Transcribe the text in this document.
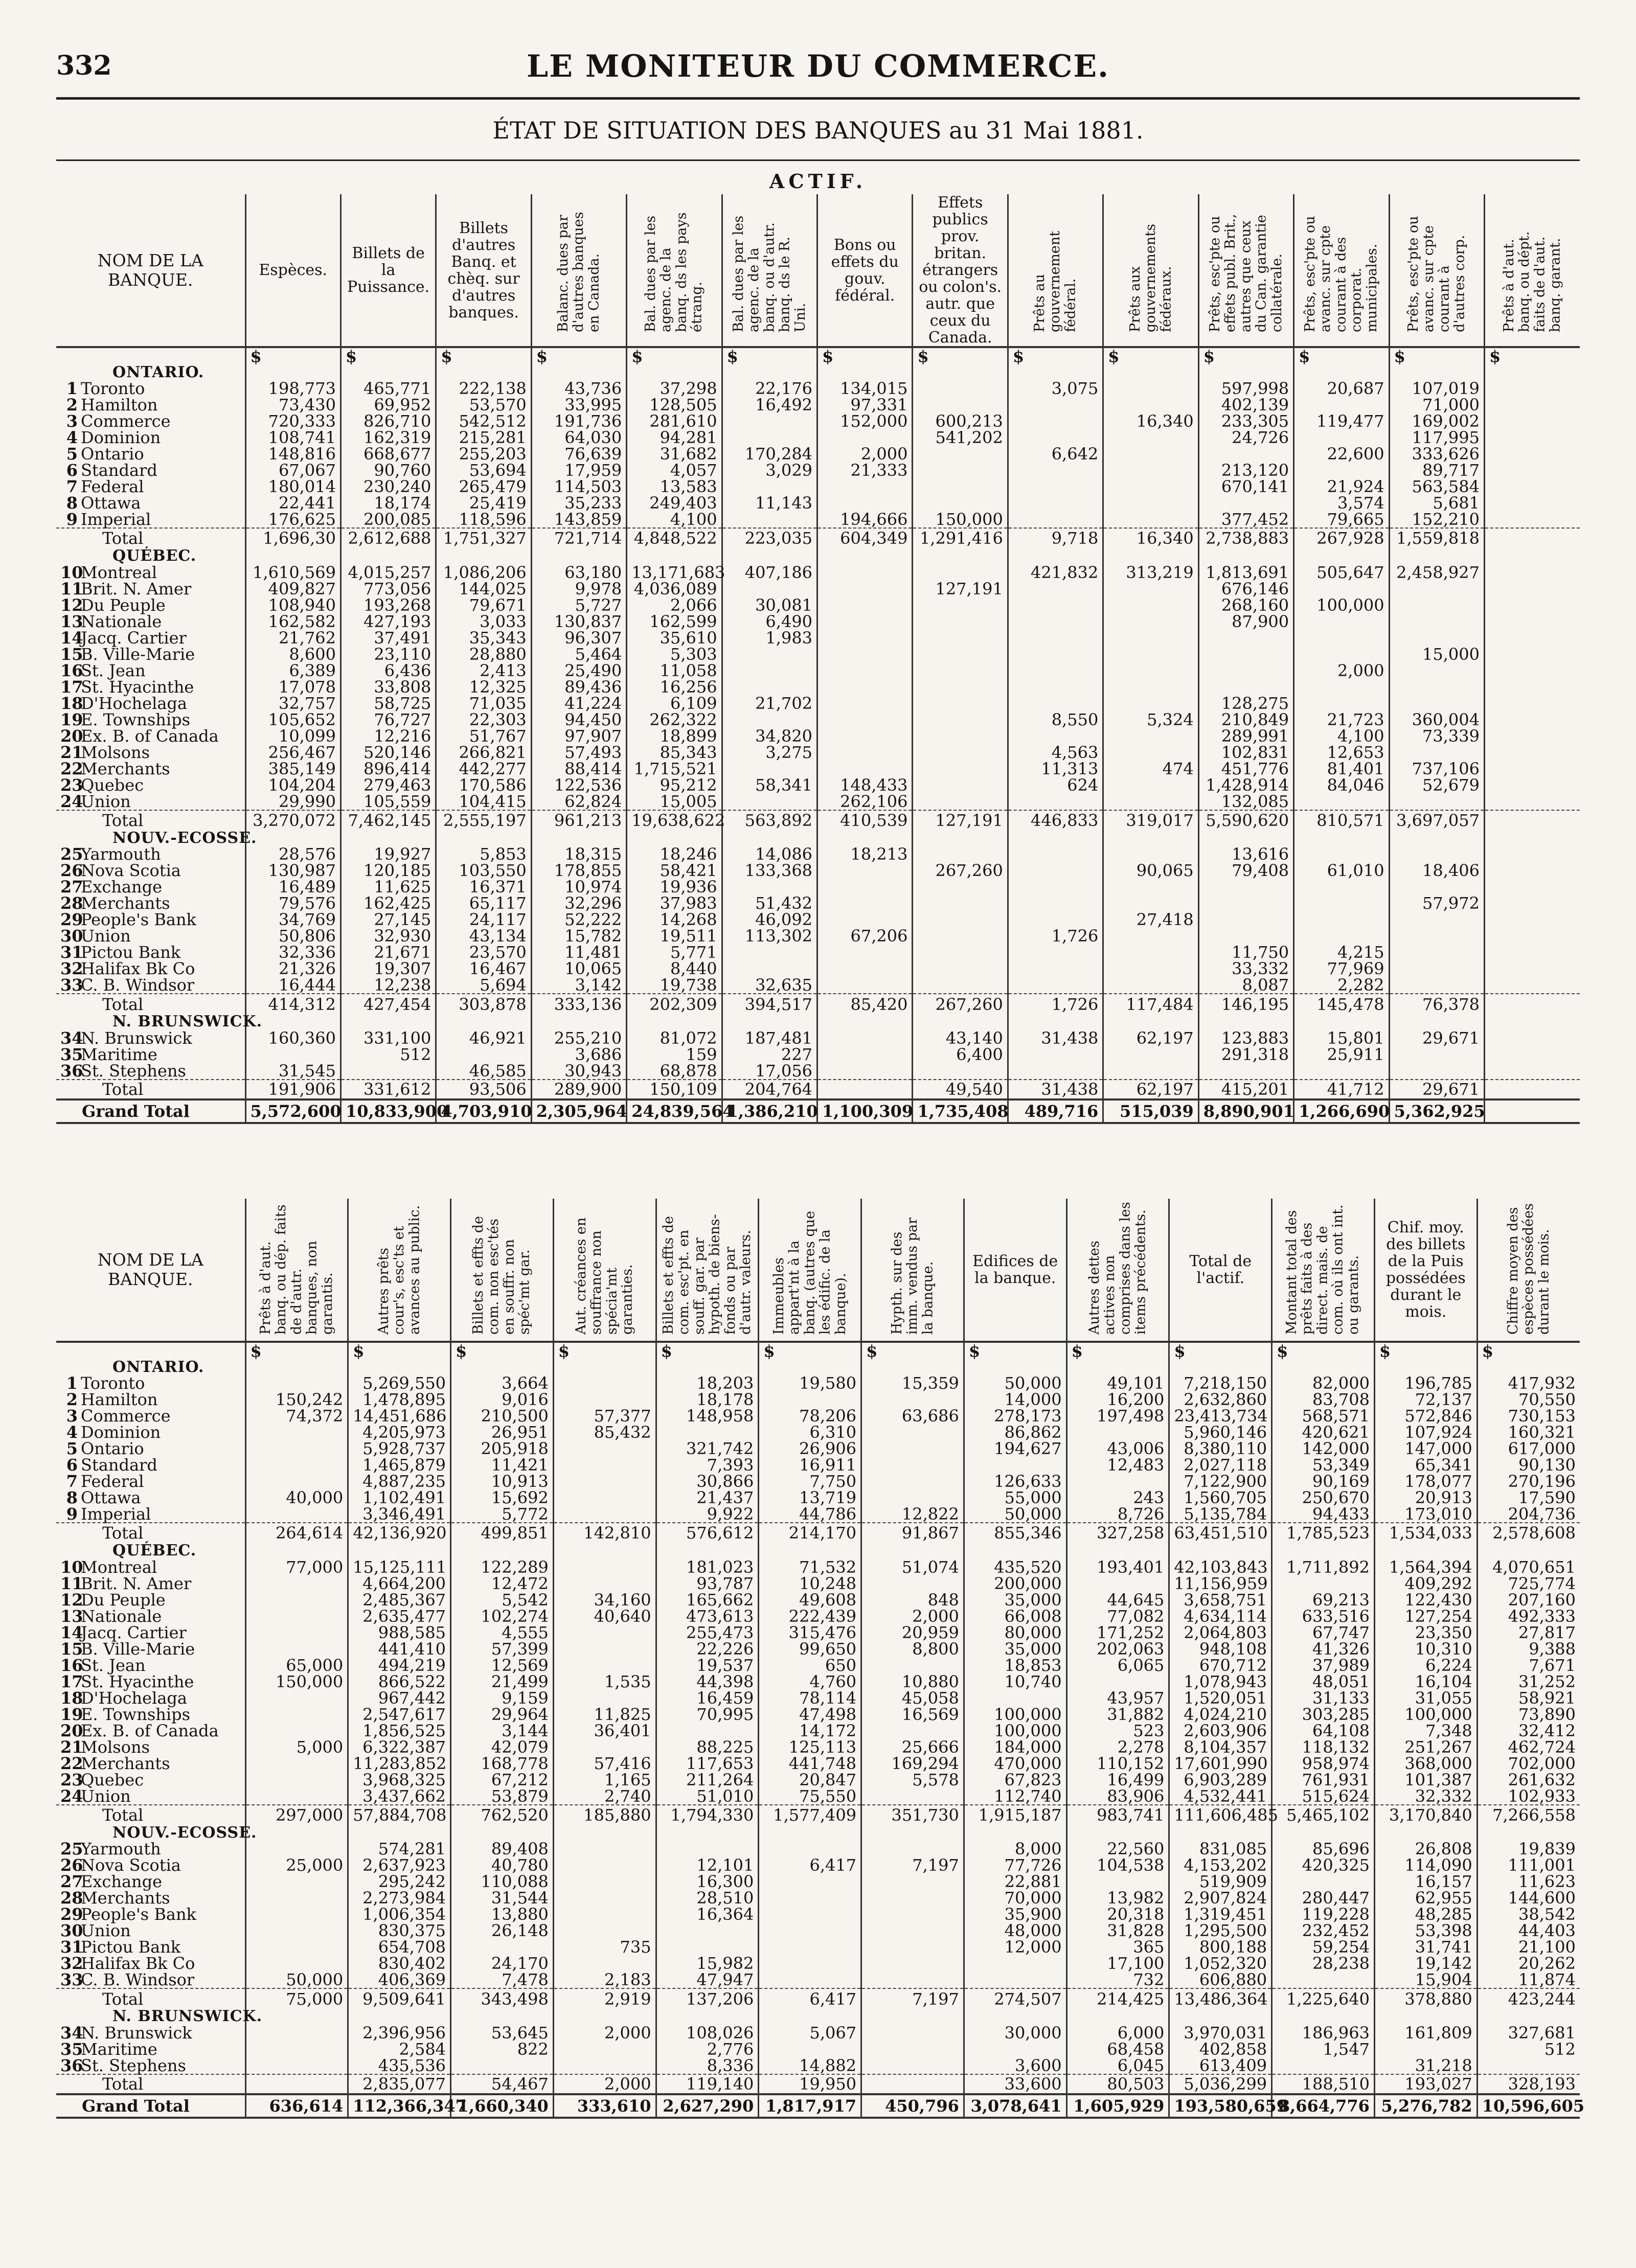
332	LE MONITEUR DU COMMERCE.
ÉTAT DE SITUATION DES BANQUES au 31 Mai 1881.
ACTIF.
NOM DE LA BANQUE.	Espèces.	Billets de la Puissance.	Billets d'autres Banq. et chèq. sur d'autres banques.	Balanc. dues par d'autres banques en Canada.	Bal. dues par les agenc. de la banq. ds les pays étrang.	Bal. dues par les agenc. de la banq. ou d'autr. banq. ds le R. Uni.	Bons ou effets du gouv. fédéral.	Effets publics prov. britan. étrangers ou colon's. autr. que ceux du Canada.	Prêts au gouvernement fédéral.	Prêts aux gouvernements fédéraux.	Prêts, esc'pte ou effets publ. Brit., autres que ceux du Can. garantie collatérale.	Prêts, esc'pte ou avanc. sur cpte courant à des corporat. municipales.	Prêts, esc'pte ou avanc. sur cpte courant à d'autres corp.	Prêts à d'aut. banq. ou dépt. faits de d'aut. banq. garant.
	$	$	$	$	$	$	$	$	$	$	$	$	$	$
ONTARIO.														
1 Toronto	198,773	465,771	222,138	43,736	37,298	22,176	134,015		3,075		597,998	20,687	107,019	
2 Hamilton	73,430	69,952	53,570	33,995	128,505	16,492	97,331				402,139		71,000	
3 Commerce	720,333	826,710	542,512	191,736	281,610		152,000	600,213		16,340	233,305	119,477	169,002	
4 Dominion	108,741	162,319	215,281	64,030	94,281			541,202			24,726		117,995	
5 Ontario	148,816	668,677	255,203	76,639	31,682	170,284	2,000		6,642			22,600	333,626	
6 Standard	67,067	90,760	53,694	17,959	4,057	3,029	21,333				213,120		89,717	
7 Federal	180,014	230,240	265,479	114,503	13,583						670,141	21,924	563,584	
8 Ottawa	22,441	18,174	25,419	35,233	249,403	11,143						3,574	5,681	
9 Imperial	176,625	200,085	118,596	143,859	4,100		194,666	150,000			377,452	79,665	152,210	
Total	1,696,30	2,612,688	1,751,327	721,714	4,848,522	223,035	604,349	1,291,416	9,718	16,340	2,738,883	267,928	1,559,818	
QUÉBEC.														
10Montreal	1,610,569	4,015,257	1,086,206	63,180	13,171,683	407,186			421,832	313,219	1,813,691	505,647	2,458,927	
11Brit. N. Amer	409,827	773,056	144,025	9,978	4,036,089			127,191			676,146			
12Du Peuple	108,940	193,268	79,671	5,727	2,066	30,081					268,160	100,000		
13Nationale	162,582	427,193	3,033	130,837	162,599	6,490					87,900			
14Jacq. Cartier	21,762	37,491	35,343	96,307	35,610	1,983								
15B. Ville-Marie	8,600	23,110	28,880	5,464	5,303								15,000	
16St. Jean	6,389	6,436	2,413	25,490	11,058							2,000		
17St. Hyacinthe	17,078	33,808	12,325	89,436	16,256									
18D'Hochelaga	32,757	58,725	71,035	41,224	6,109	21,702					128,275			
19E. Townships	105,652	76,727	22,303	94,450	262,322				8,550	5,324	210,849	21,723	360,004	
20Ex. B. of Canada	10,099	12,216	51,767	97,907	18,899	34,820					289,991	4,100	73,339	
21Molsons	256,467	520,146	266,821	57,493	85,343	3,275			4,563		102,831	12,653		
22Merchants	385,149	896,414	442,277	88,414	1,715,521				11,313	474	451,776	81,401	737,106	
23Quebec	104,204	279,463	170,586	122,536	95,212	58,341	148,433		624		1,428,914	84,046	52,679	
24Union	29,990	105,559	104,415	62,824	15,005		262,106				132,085			
Total	3,270,072	7,462,145	2,555,197	961,213	19,638,622	563,892	410,539	127,191	446,833	319,017	5,590,620	810,571	3,697,057	
NOUV.-ECOSSE.														
25Yarmouth	28,576	19,927	5,853	18,315	18,246	14,086	18,213				13,616			
26Nova Scotia	130,987	120,185	103,550	178,855	58,421	133,368		267,260		90,065	79,408	61,010	18,406	
27Exchange	16,489	11,625	16,371	10,974	19,936									
28Merchants	79,576	162,425	65,117	32,296	37,983	51,432							57,972	
29People's Bank	34,769	27,145	24,117	52,222	14,268	46,092				27,418				
30Union	50,806	32,930	43,134	15,782	19,511	113,302	67,206		1,726					
31Pictou Bank	32,336	21,671	23,570	11,481	5,771						11,750	4,215		
32Halifax Bk Co	21,326	19,307	16,467	10,065	8,440						33,332	77,969		
33C. B. Windsor	16,444	12,238	5,694	3,142	19,738	32,635					8,087	2,282		
Total	414,312	427,454	303,878	333,136	202,309	394,517	85,420	267,260	1,726	117,484	146,195	145,478	76,378	
N. BRUNSWICK.														
34N. Brunswick	160,360	331,100	46,921	255,210	81,072	187,481		43,140	31,438	62,197	123,883	15,801	29,671	
35Maritime		512		3,686	159	227		6,400			291,318	25,911		
36St. Stephens	31,545		46,585	30,943	68,878	17,056								
Total	191,906	331,612	93,506	289,900	150,109	204,764		49,540	31,438	62,197	415,201	41,712	29,671	
Grand Total	5,572,600	10,833,900	4,703,910	2,305,964	24,839,564	1,386,210	1,100,309	1,735,408	489,716	515,039	8,890,901	1,266,690	5,362,925	
NOM DE LA BANQUE.	Prêts à d'aut. banq. ou dép. faits de d'autr. banques, non garantis.	Autres prêts cour's, esc'ts et avances au public.	Billets et effts de com. non esc'tés en souffr. non spéc'mt gar.	Aut. créances en souffrance non spécia'mt garanties.	Billets et effts de com. esc'pt. en souff. gar. par hypoth. de biens-fonds ou par d'autr. valeurs.	Immeubles appart'nt à la banq. (autres que les édific. de la banque).	Hypth. sur des imm. vendus par la banque.	Edifices de la banque.	Autres dettes actives non comprises dans les items précédents.	Total de l'actif.	Montant total des prêts faits à des direct. mais. de com. où ils ont int. ou garants.	Chif. moy. des billets de la Puis possédées durant le mois.	Chiffre moyen des espèces possédées durant le mois.
	$	$	$	$	$	$	$	$	$	$	$	$	$
ONTARIO.													
1 Toronto		5,269,550	3,664		18,203	19,580	15,359	50,000	49,101	7,218,150	82,000	196,785	417,932
2 Hamilton	150,242	1,478,895	9,016		18,178			14,000	16,200	2,632,860	83,708	72,137	70,550
3 Commerce	74,372	14,451,686	210,500	57,377	148,958	78,206	63,686	278,173	197,498	23,413,734	568,571	572,846	730,153
4 Dominion		4,205,973	26,951	85,432		6,310		86,862		5,960,146	420,621	107,924	160,321
5 Ontario		5,928,737	205,918		321,742	26,906		194,627	43,006	8,380,110	142,000	147,000	617,000
6 Standard		1,465,879	11,421		7,393	16,911			12,483	2,027,118	53,349	65,341	90,130
7 Federal		4,887,235	10,913		30,866	7,750		126,633		7,122,900	90,169	178,077	270,196
8 Ottawa	40,000	1,102,491	15,692		21,437	13,719		55,000	243	1,560,705	250,670	20,913	17,590
9 Imperial		3,346,491	5,772		9,922	44,786	12,822	50,000	8,726	5,135,784	94,433	173,010	204,736
Total	264,614	42,136,920	499,851	142,810	576,612	214,170	91,867	855,346	327,258	63,451,510	1,785,523	1,534,033	2,578,608
QUÉBEC.													
10Montreal	77,000	15,125,111	122,289		181,023	71,532	51,074	435,520	193,401	42,103,843	1,711,892	1,564,394	4,070,651
11Brit. N. Amer		4,664,200	12,472		93,787	10,248		200,000		11,156,959		409,292	725,774
12Du Peuple		2,485,367	5,542	34,160	165,662	49,608	848	35,000	44,645	3,658,751	69,213	122,430	207,160
13Nationale		2,635,477	102,274	40,640	473,613	222,439	2,000	66,008	77,082	4,634,114	633,516	127,254	492,333
14Jacq. Cartier		988,585	4,555		255,473	315,476	20,959	80,000	171,252	2,064,803	67,747	23,350	27,817
15B. Ville-Marie		441,410	57,399		22,226	99,650	8,800	35,000	202,063	948,108	41,326	10,310	9,388
16St. Jean	65,000	494,219	12,569		19,537	650		18,853	6,065	670,712	37,989	6,224	7,671
17St. Hyacinthe	150,000	866,522	21,499	1,535	44,398	4,760	10,880	10,740		1,078,943	48,051	16,104	31,252
18D'Hochelaga		967,442	9,159		16,459	78,114	45,058		43,957	1,520,051	31,133	31,055	58,921
19E. Townships		2,547,617	29,964	11,825	70,995	47,498	16,569	100,000	31,882	4,024,210	303,285	100,000	73,890
20Ex. B. of Canada		1,856,525	3,144	36,401		14,172		100,000	523	2,603,906	64,108	7,348	32,412
21Molsons	5,000	6,322,387	42,079		88,225	125,113	25,666	184,000	2,278	8,104,357	118,132	251,267	462,724
22Merchants		11,283,852	168,778	57,416	117,653	441,748	169,294	470,000	110,152	17,601,990	958,974	368,000	702,000
23Quebec		3,968,325	67,212	1,165	211,264	20,847	5,578	67,823	16,499	6,903,289	761,931	101,387	261,632
24Union		3,437,662	53,879	2,740	51,010	75,550		112,740	83,906	4,532,441	515,624	32,332	102,933
Total	297,000	57,884,708	762,520	185,880	1,794,330	1,577,409	351,730	1,915,187	983,741	111,606,485	5,465,102	3,170,840	7,266,558
NOUV.-ECOSSE.													
25Yarmouth		574,281	89,408					8,000	22,560	831,085	85,696	26,808	19,839
26Nova Scotia	25,000	2,637,923	40,780		12,101	6,417	7,197	77,726	104,538	4,153,202	420,325	114,090	111,001
27Exchange		295,242	110,088		16,300			22,881		519,909		16,157	11,623
28Merchants		2,273,984	31,544		28,510			70,000	13,982	2,907,824	280,447	62,955	144,600
29People's Bank		1,006,354	13,880		16,364			35,900	20,318	1,319,451	119,228	48,285	38,542
30Union		830,375	26,148					48,000	31,828	1,295,500	232,452	53,398	44,403
31Pictou Bank		654,708		735				12,000	365	800,188	59,254	31,741	21,100
32Halifax Bk Co		830,402	24,170		15,982				17,100	1,052,320	28,238	19,142	20,262
33C. B. Windsor	50,000	406,369	7,478	2,183	47,947				732	606,880		15,904	11,874
Total	75,000	9,509,641	343,498	2,919	137,206	6,417	7,197	274,507	214,425	13,486,364	1,225,640	378,880	423,244
N. BRUNSWICK.													
34N. Brunswick		2,396,956	53,645	2,000	108,026	5,067		30,000	6,000	3,970,031	186,963	161,809	327,681
35Maritime		2,584	822		2,776				68,458	402,858	1,547		512
36St. Stephens		435,536			8,336	14,882		3,600	6,045	613,409		31,218	
Total		2,835,077	54,467	2,000	119,140	19,950		33,600	80,503	5,036,299	188,510	193,027	328,193
Grand Total	636,614	112,366,347	1,660,340	333,610	2,627,290	1,817,917	450,796	3,078,641	1,605,929	193,580,659	8,664,776	5,276,782	10,596,605
